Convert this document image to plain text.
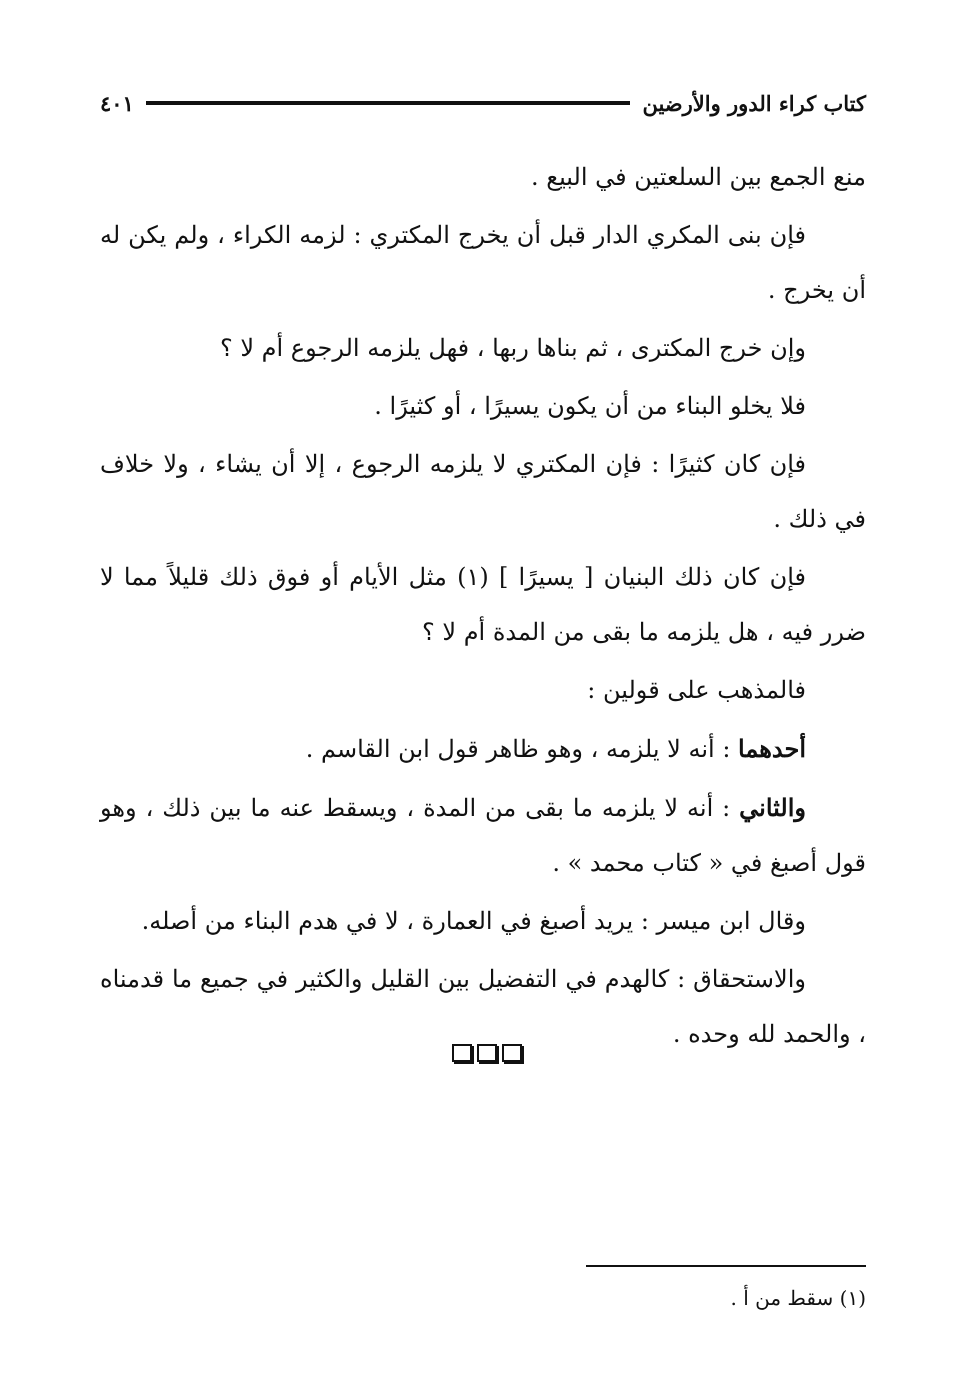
كتاب كراء الدور والأرضين
٤٠١

منع الجمع بين السلعتين في البيع .

فإن بنى المكري الدار قبل أن يخرج المكتري : لزمه الكراء ، ولم يكن له أن يخرج .

وإن خرج المكترى ، ثم بناها ربها ، فهل يلزمه الرجوع أم لا ؟

فلا يخلو البناء من أن يكون يسيرًا ، أو كثيرًا .

فإن كان كثيرًا : فإن المكتري لا يلزمه الرجوع ، إلا أن يشاء ، ولا خلاف في ذلك .

فإن كان ذلك البنيان [ يسيرًا ] (١) مثل الأيام أو فوق ذلك قليلاً مما لا ضرر فيه ، هل يلزمه ما بقى من المدة أم لا ؟

فالمذهب على قولين :

أحدهما : أنه لا يلزمه ، وهو ظاهر قول ابن القاسم .

والثاني : أنه لا يلزمه ما بقى من المدة ، ويسقط عنه ما بين ذلك ، وهو قول أصبغ في « كتاب محمد » .

وقال ابن ميسر : يريد أصبغ في العمارة ، لا في هدم البناء من أصله.

والاستحقاق : كالهدم في التفضيل بين القليل والكثير في جميع ما قدمناه ، والحمد لله وحده .

(١) سقط من أ .
